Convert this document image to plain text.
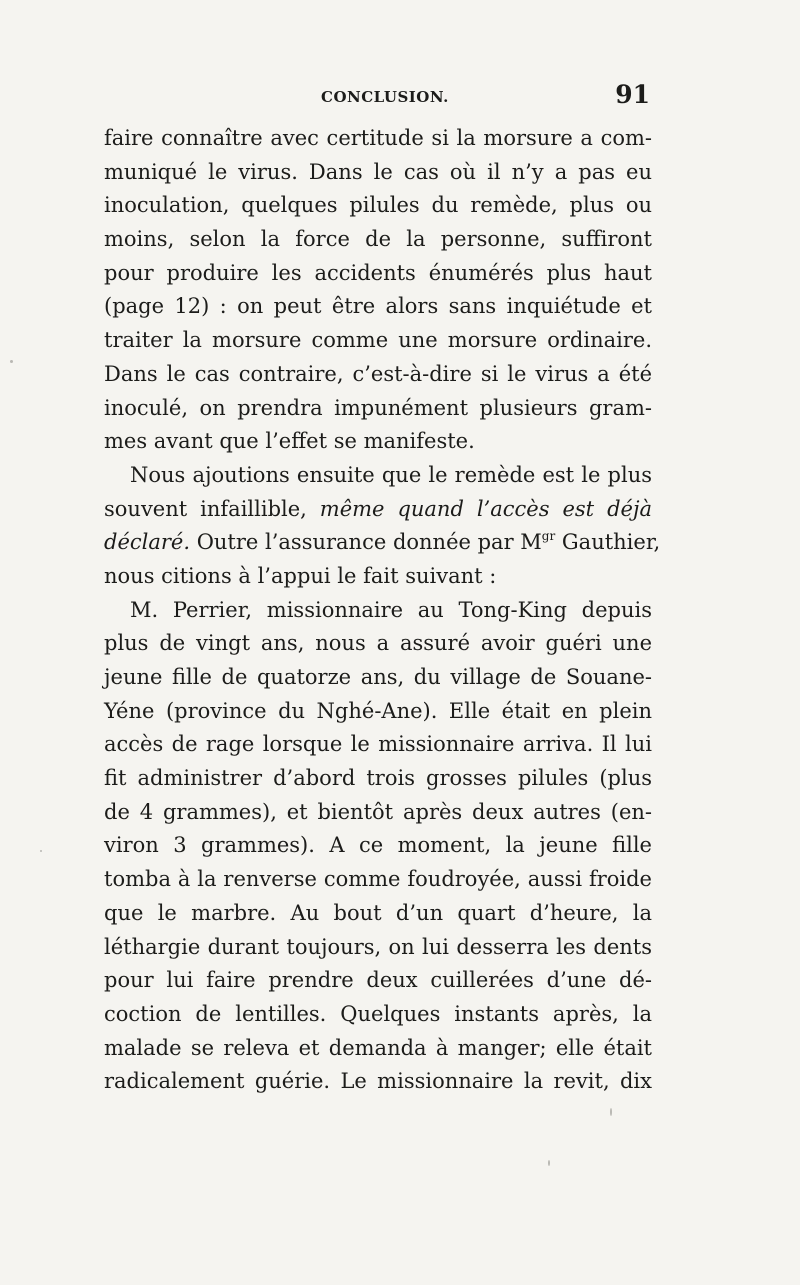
CONCLUSION.	91
faire connaître avec certitude si la morsure a com-
muniqué le virus. Dans le cas où il n’y a pas eu
inoculation, quelques pilules du remède, plus ou
moins, selon la force de la personne, suffiront
pour produire les accidents énumérés plus haut
(page 12) : on peut être alors sans inquiétude et
traiter la morsure comme une morsure ordinaire.
Dans le cas contraire, c’est-à-dire si le virus a été
inoculé, on prendra impunément plusieurs gram-
mes avant que l’effet se manifeste.
Nous ajoutions ensuite que le remède est le plus
souvent infaillible, même quand l’accès est déjà
déclaré. Outre l’assurance donnée par $M^{gr}$ Gauthier,
nous citions à l’appui le fait suivant :
M. Perrier, missionnaire au Tong-King depuis
plus de vingt ans, nous a assuré avoir guéri une
jeune fille de quatorze ans, du village de Souane-
Yéne (province du Nghé-Ane). Elle était en plein
accès de rage lorsque le missionnaire arriva. Il lui
fit administrer d’abord trois grosses pilules (plus
de 4 grammes), et bientôt après deux autres (en-
viron 3 grammes). A ce moment, la jeune fille
tomba à la renverse comme foudroyée, aussi froide
que le marbre. Au bout d’un quart d’heure, la
léthargie durant toujours, on lui desserra les dents
pour lui faire prendre deux cuillerées d’une dé-
coction de lentilles. Quelques instants après, la
malade se releva et demanda à manger; elle était
radicalement guérie. Le missionnaire la revit, dix
